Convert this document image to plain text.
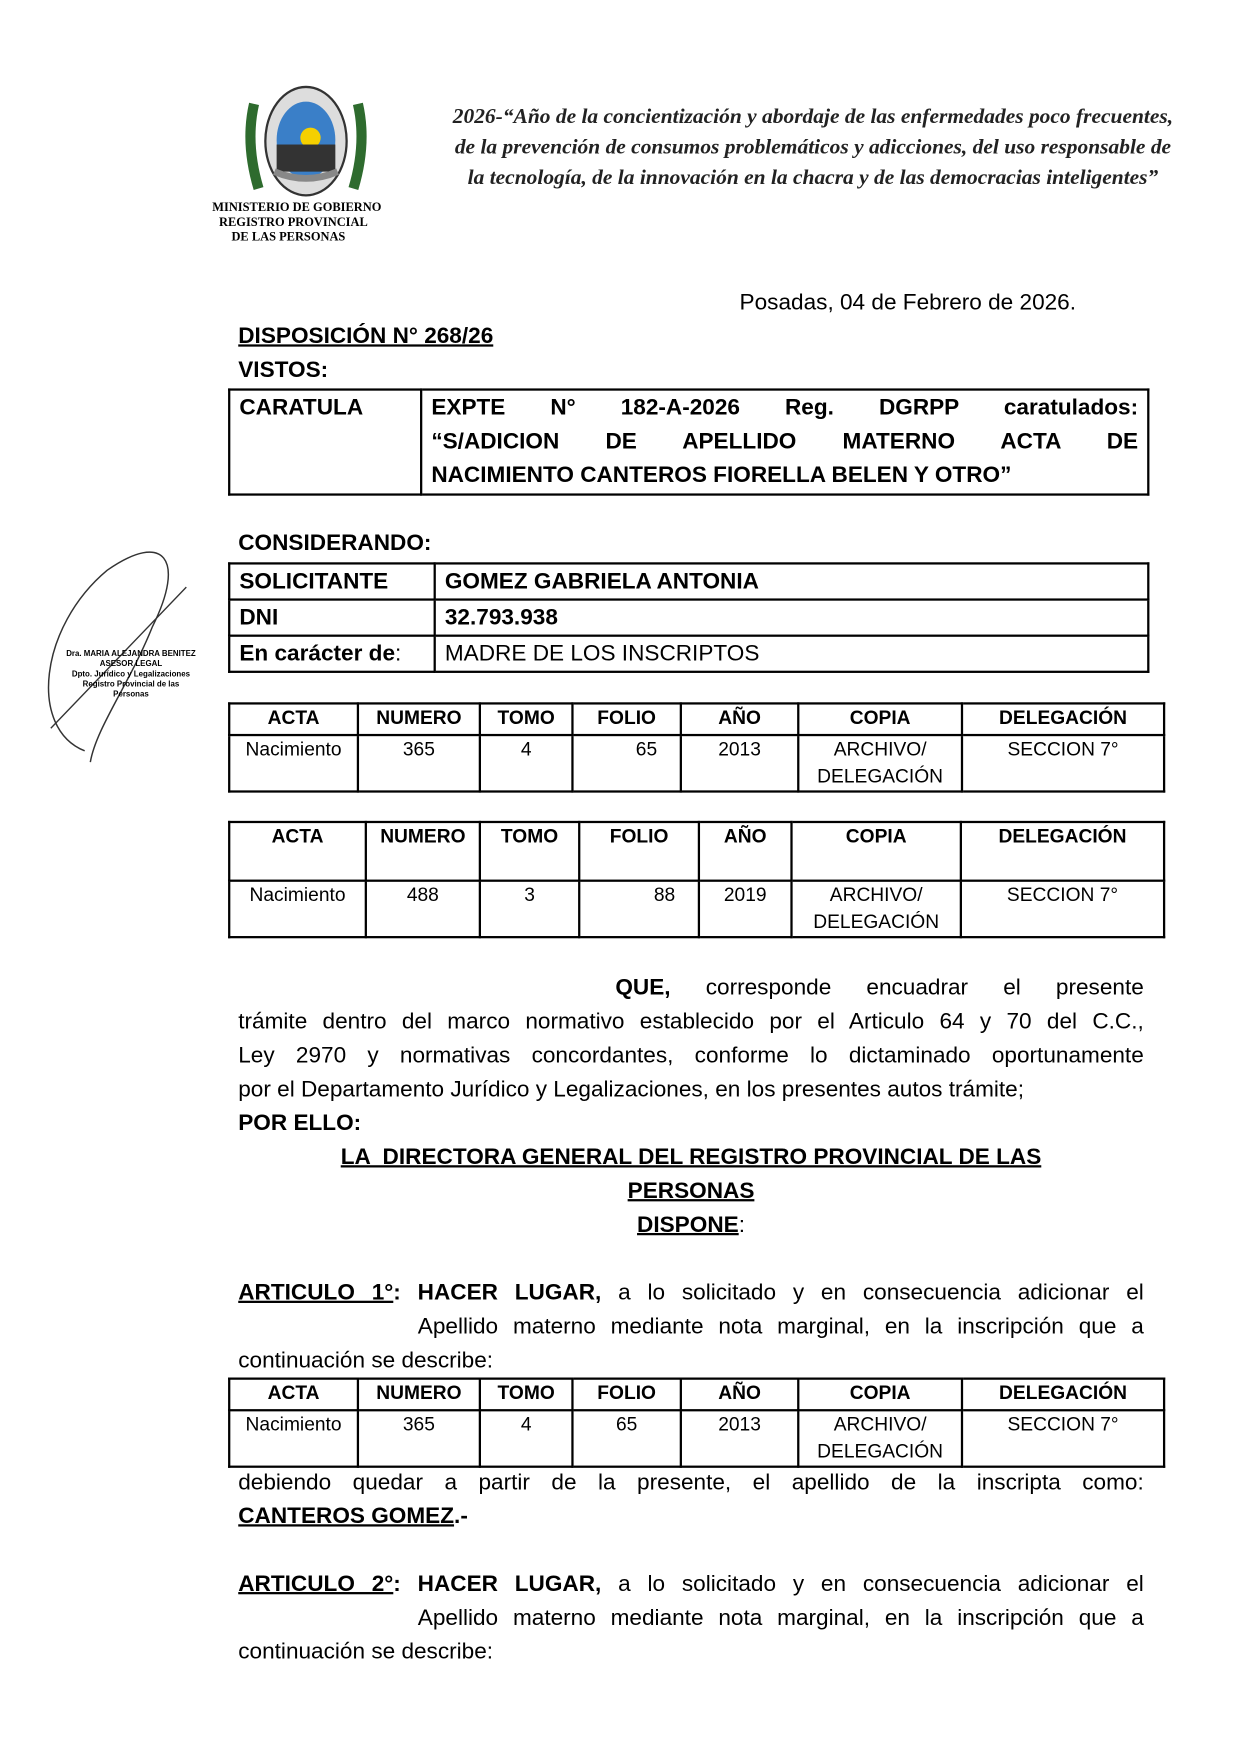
MINISTERIO DE GOBIERNO
REGISTRO PROVINCIAL
DE LAS PERSONAS
2026-“Año de la concientización y abordaje de las enfermedades poco frecuentes,
de la prevención de consumos problemáticos y adicciones, del uso responsable de
la tecnología, de la innovación en la chacra y de las democracias inteligentes”
Dra. MARIA ALEJANDRA BENITEZ
ASESOR LEGAL
Dpto. Jurídico y Legalizaciones
Registro Provincial de las Personas
Posadas, 04 de Febrero de 2026.
DISPOSICIÓN N° 268/26
VISTOS:
CARATULA	EXPTE N° 182-A-2026 Reg. DGRPP caratulados:
“S/ADICION DE APELLIDO MATERNO ACTA DE
NACIMIENTO CANTEROS FIORELLA BELEN Y OTRO”
CONSIDERANDO:
SOLICITANTE	GOMEZ GABRIELA ANTONIA
DNI	32.793.938
En carácter de:	MADRE DE LOS INSCRIPTOS
ACTA	NUMERO	TOMO	FOLIO	AÑO	COPIA	DELEGACIÓN
Nacimiento	365	4	65	2013	ARCHIVO/ DELEGACIÓN	SECCION 7°
ACTA	NUMERO	TOMO	FOLIO	AÑO	COPIA	DELEGACIÓN
Nacimiento	488	3	88	2019	ARCHIVO/ DELEGACIÓN	SECCION 7°
QUE, corresponde encuadrar el presente
trámite dentro del marco normativo establecido por el Articulo 64 y 70 del C.C.,
Ley 2970 y normativas concordantes, conforme lo dictaminado oportunamente
por el Departamento Jurídico y Legalizaciones, en los presentes autos trámite;
POR ELLO:
LA  DIRECTORA GENERAL DEL REGISTRO PROVINCIAL DE LAS
PERSONAS
DISPONE:
ARTICULO 1°: HACER LUGAR, a lo solicitado y en consecuencia adicionar el
Apellido materno mediante nota marginal, en la inscripción que a
continuación se describe:
ACTA	NUMERO	TOMO	FOLIO	AÑO	COPIA	DELEGACIÓN
Nacimiento	365	4	65	2013	ARCHIVO/ DELEGACIÓN	SECCION 7°
debiendo quedar a partir de la presente, el apellido de la inscripta como:
CANTEROS GOMEZ.-
ARTICULO 2°: HACER LUGAR, a lo solicitado y en consecuencia adicionar el
Apellido materno mediante nota marginal, en la inscripción que a
continuación se describe:
